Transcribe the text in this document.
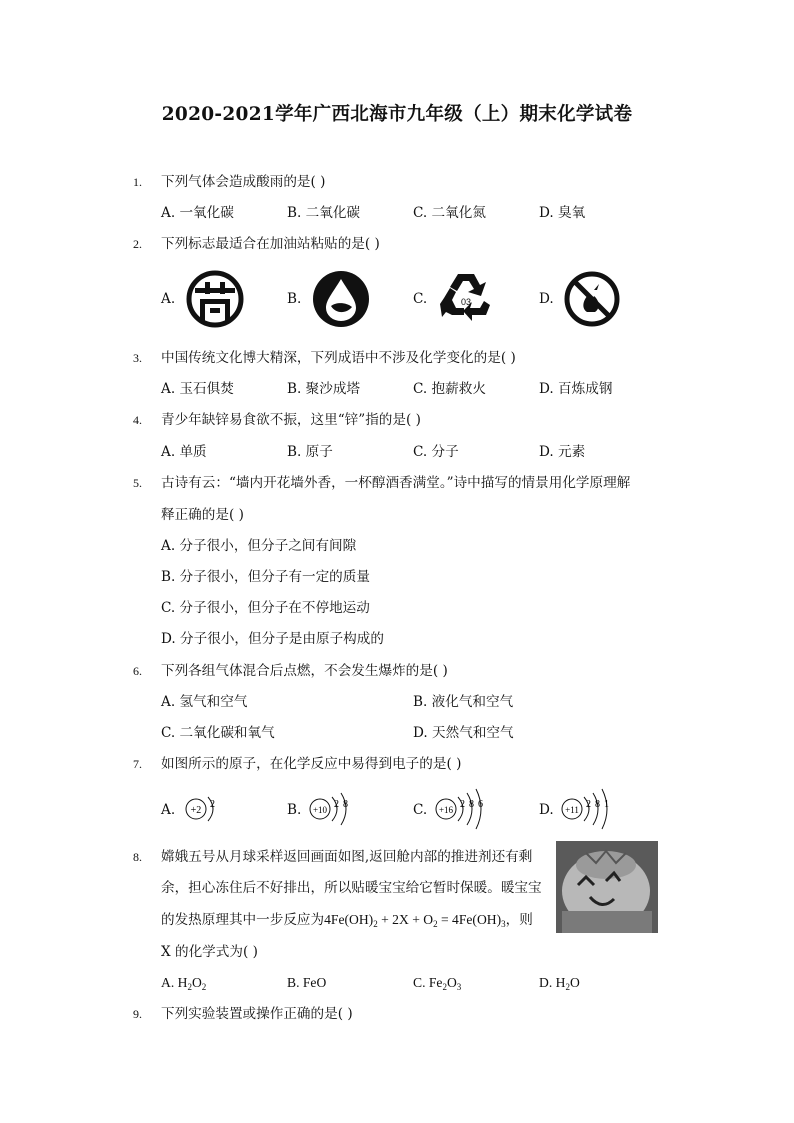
2020-2021学年广西北海市九年级（上）期末化学试卷
1. 下列气体会造成酸雨的是( )
A. 一氧化碳	B. 二氧化碳	C. 二氧化氮	D. 臭氧
2. 下列标志最适合在加油站粘贴的是( )
A.	B.	C.	D.
03
3. 中国传统文化博大精深，下列成语中不涉及化学变化的是( )
A. 玉石俱焚	B. 聚沙成塔	C. 抱薪救火	D. 百炼成钢
4. 青少年缺锌易食欲不振，这里“锌”指的是( )
A. 单质	B. 原子	C. 分子	D. 元素
5. 古诗有云：“墙内开花墙外香，一杯醇酒香满堂。”诗中描写的情景用化学原理解
释正确的是( )
A. 分子很小，但分子之间有间隙
B. 分子很小，但分子有一定的质量
C. 分子很小，但分子在不停地运动
D. 分子很小，但分子是由原子构成的
6. 下列各组气体混合后点燃，不会发生爆炸的是( )
A. 氢气和空气	B. 液化气和空气
C. 二氧化碳和氧气	D. 天然气和空气
7. 如图所示的原子，在化学反应中易得到电子的是( )
A.	B.	C.	D.
+2
2	+10 2 8	+16 2 8 6	+11 2 8 1
8. 嫦娥五号从月球采样返回画面如图,返回舱内部的推进剂还有剩
余，担心冻住后不好排出，所以贴暖宝宝给它暂时保暖。暖宝宝
的发热原理其中一步反应为$4Fe(OH)_2 + 2X + O_2 = 4Fe(OH)_3$，则
X 的化学式为( )
A. $H_2O_2$	B. FeO	C. $Fe_2O_3$	D. $H_2O$
9. 下列实验装置或操作正确的是( )
